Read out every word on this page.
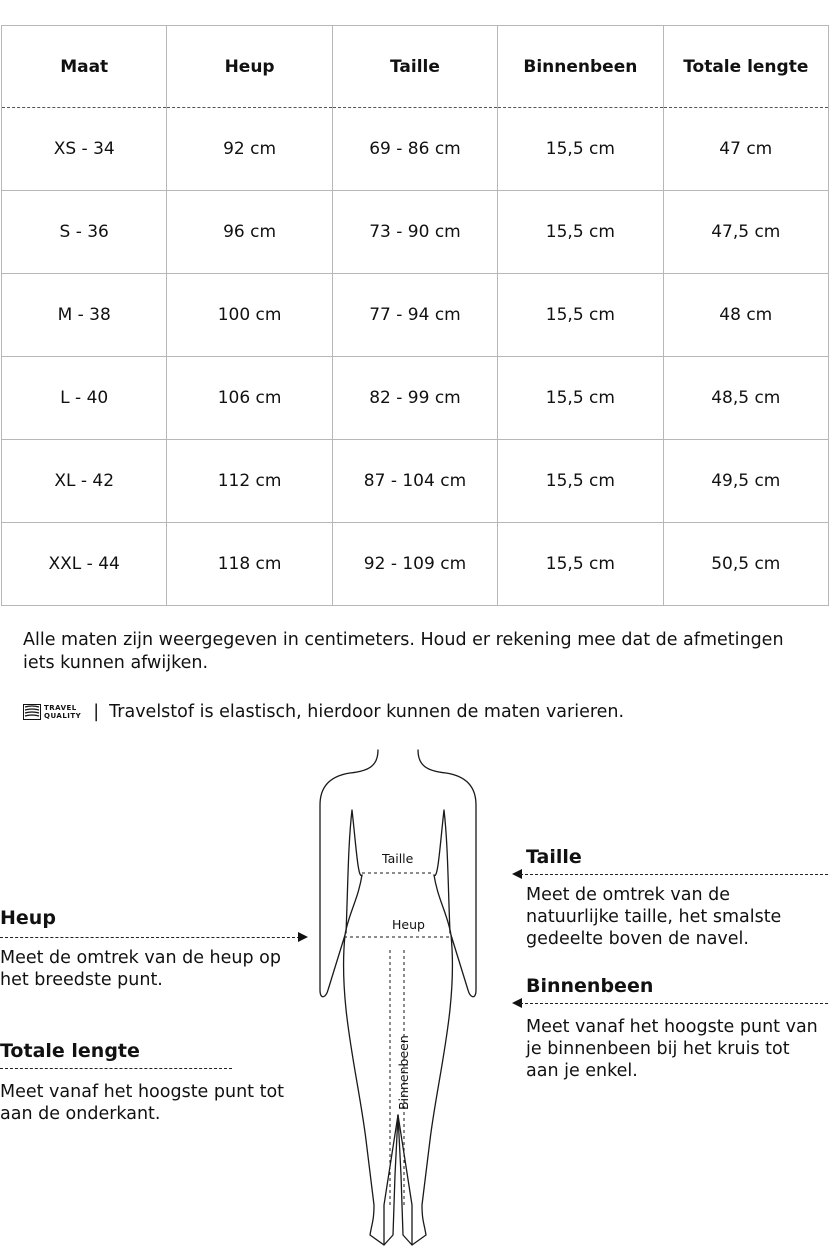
Maat	Heup	Taille	Binnenbeen	Totale lengte
XS - 34	92 cm	69 - 86 cm	15,5 cm	47 cm
S - 36	96 cm	73 - 90 cm	15,5 cm	47,5 cm
M - 38	100 cm	77 - 94 cm	15,5 cm	48 cm
L - 40	106 cm	82 - 99 cm	15,5 cm	48,5 cm
XL - 42	112 cm	87 - 104 cm	15,5 cm	49,5 cm
XXL - 44	118 cm	92 - 109 cm	15,5 cm	50,5 cm

Alle maten zijn weergegeven in centimeters. Houd er rekening mee dat de afmetingen iets kunnen afwijken.

TRAVEL
QUALITY | Travelstof is elastisch, hierdoor kunnen de maten varieren.
Taille
Heup
Binnenbeen
Heup

Meet de omtrek van de heup op het breedste punt.

Totale lengte

Meet vanaf het hoogste punt tot aan de onderkant.

Taille

Meet de omtrek van de natuurlijke taille, het smalste gedeelte boven de navel.

Binnenbeen

Meet vanaf het hoogste punt van je binnenbeen bij het kruis tot aan je enkel.
